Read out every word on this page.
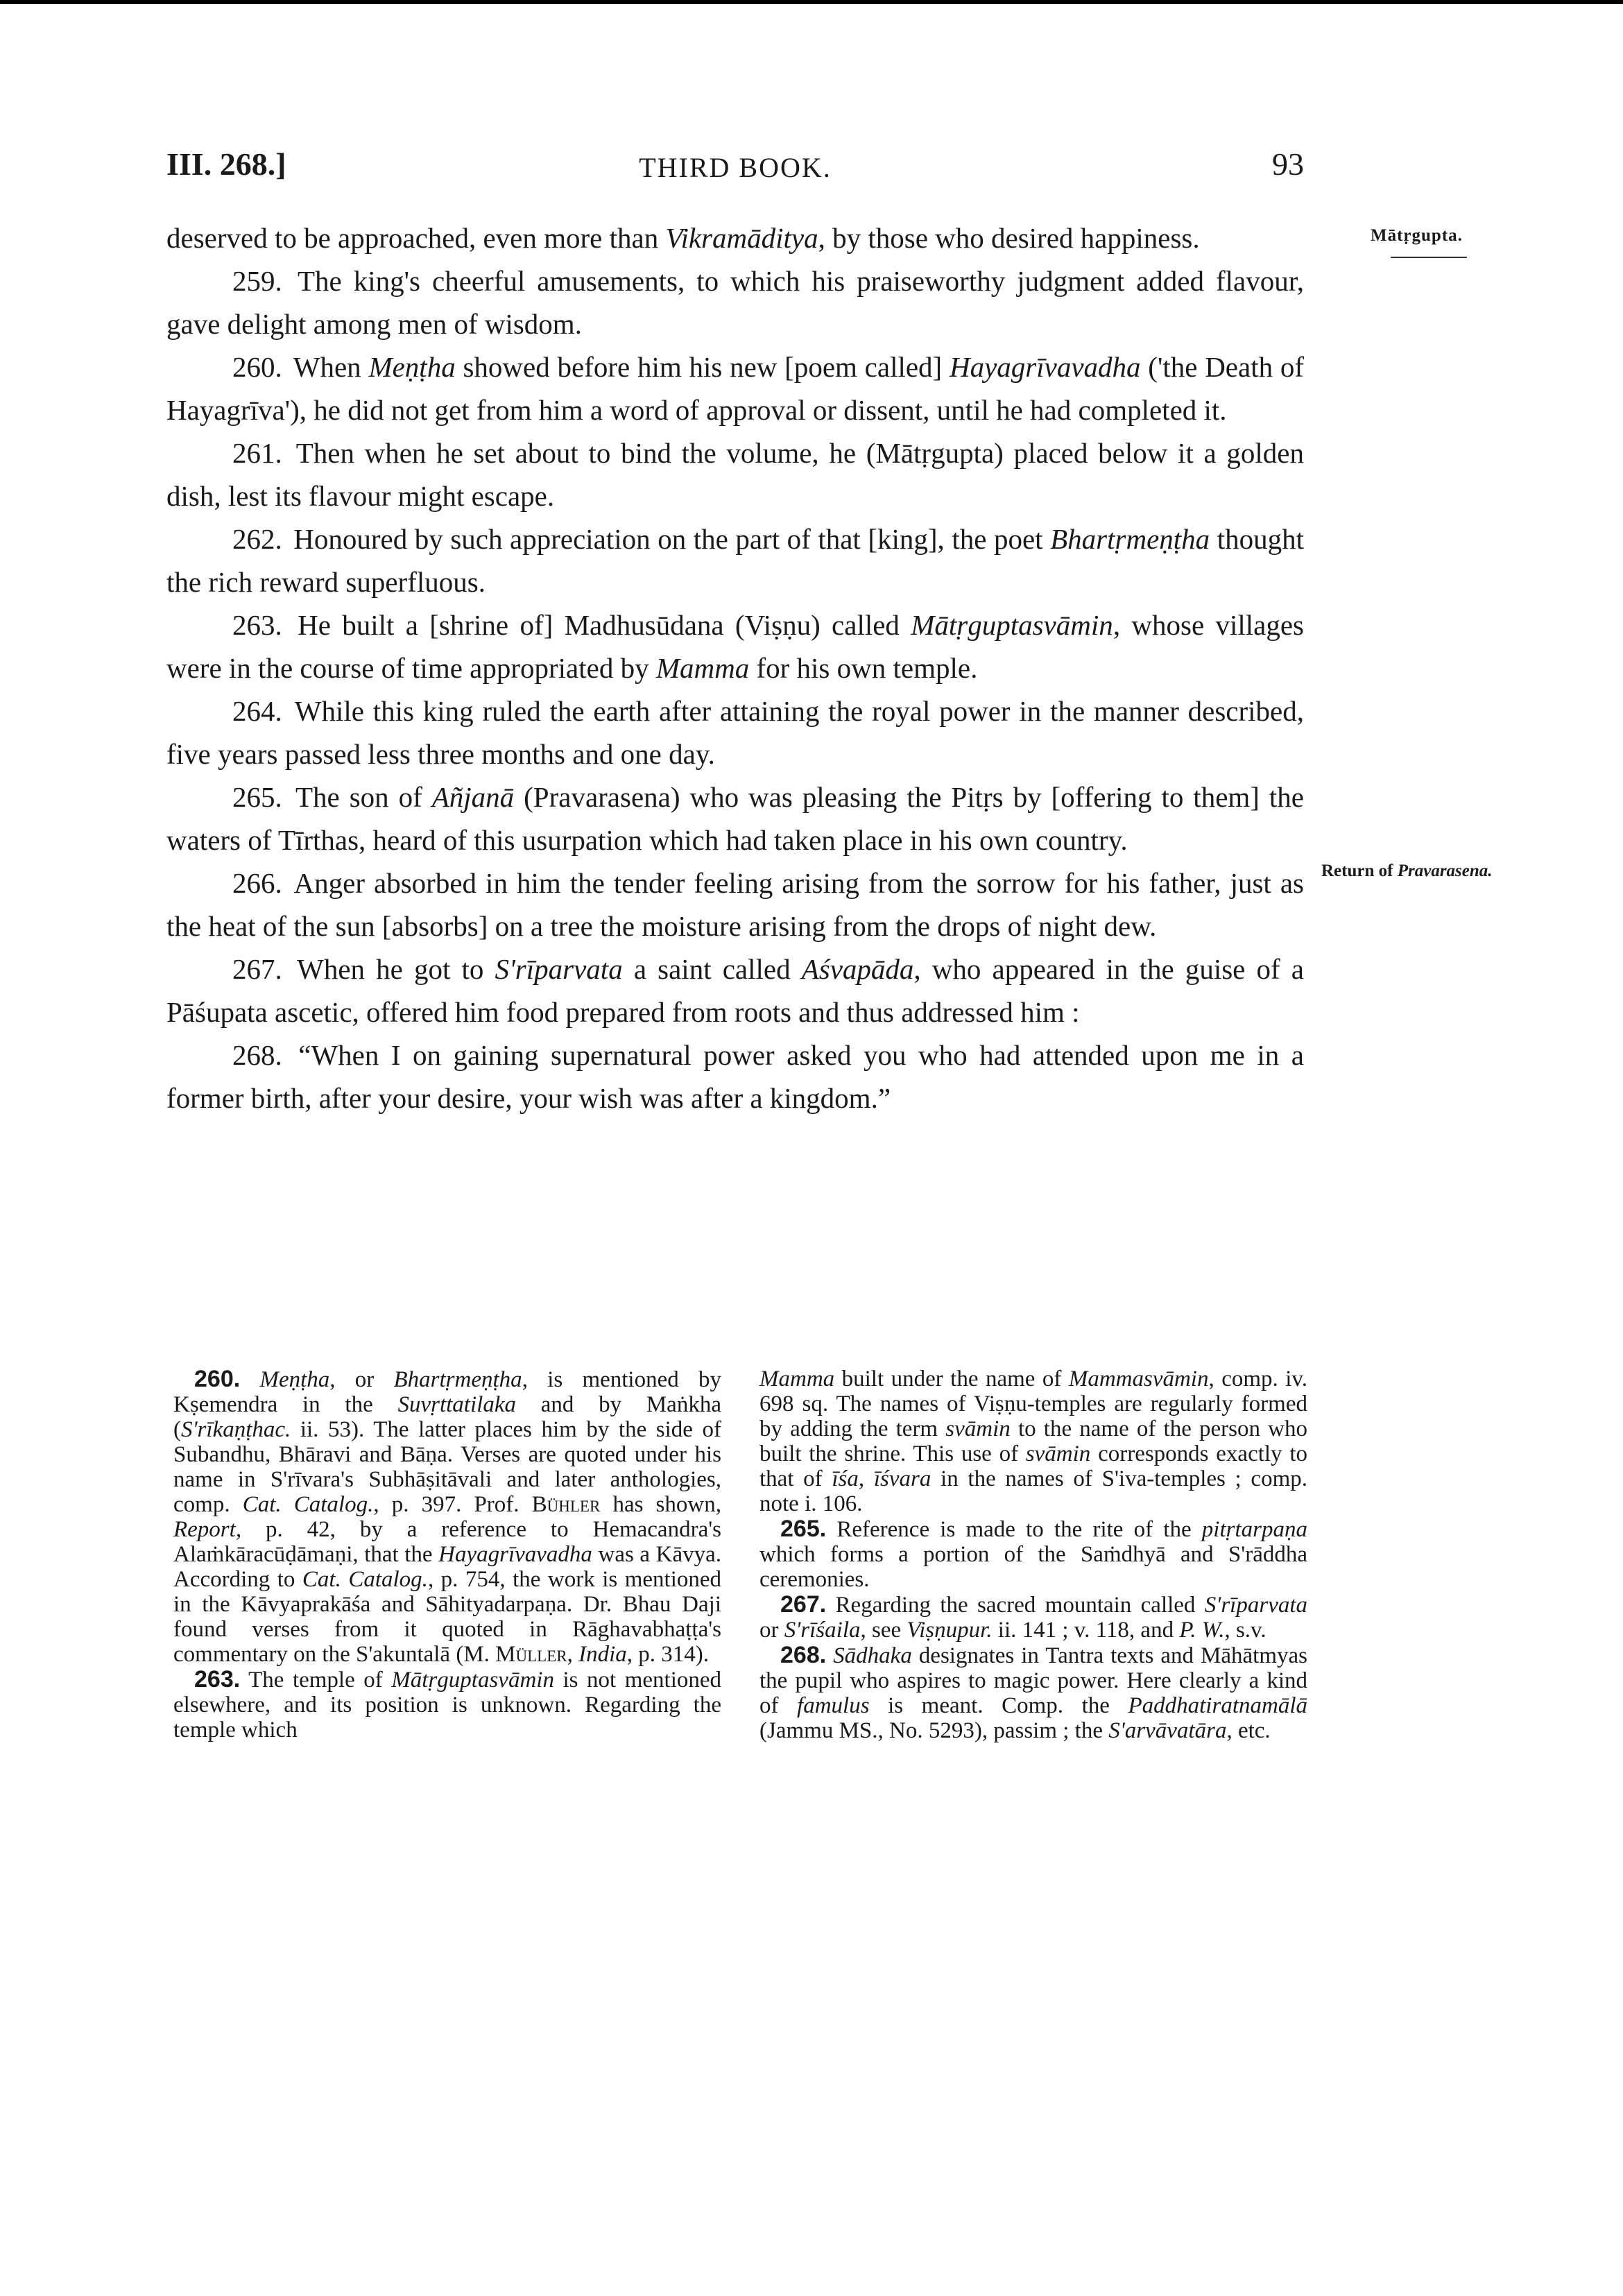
III. 268.]	THIRD BOOK.	93
Mātṛgupta.
Return of Pravarasena.

deserved to be approached, even more than Vikramāditya, by those who desired happiness.

259. The king's cheerful amusements, to which his praiseworthy judgment added flavour, gave delight among men of wisdom.

260. When Meṇṭha showed before him his new [poem called] Hayagrīvavadha ('the Death of Hayagrīva'), he did not get from him a word of approval or dissent, until he had completed it.

261. Then when he set about to bind the volume, he (Mātṛgupta) placed below it a golden dish, lest its flavour might escape.

262. Honoured by such appreciation on the part of that [king], the poet Bhartṛmeṇṭha thought the rich reward superfluous.

263. He built a [shrine of] Madhusūdana (Viṣṇu) called Mātṛguptasvāmin, whose villages were in the course of time appropriated by Mamma for his own temple.

264. While this king ruled the earth after attaining the royal power in the manner described, five years passed less three months and one day.

265. The son of Añjanā (Pravarasena) who was pleasing the Pitṛs by [offering to them] the waters of Tīrthas, heard of this usurpation which had taken place in his own country.

266. Anger absorbed in him the tender feeling arising from the sorrow for his father, just as the heat of the sun [absorbs] on a tree the moisture arising from the drops of night dew.

267. When he got to S'rīparvata a saint called Aśvapāda, who appeared in the guise of a Pāśupata ascetic, offered him food prepared from roots and thus addressed him :

268. “When I on gaining supernatural power asked you who had attended upon me in a former birth, after your desire, your wish was after a kingdom.”

260. Meṇṭha, or Bhartṛmeṇṭha, is mentioned by Kṣemendra in the Suvṛttatilaka and by Maṅkha (S'rīkaṇṭhac. ii. 53). The latter places him by the side of Subandhu, Bhāravi and Bāṇa. Verses are quoted under his name in S'rīvara's Subhāṣitāvali and later anthologies, comp. Cat. Catalog., p. 397. Prof. Bühler has shown, Report, p. 42, by a reference to Hemacandra's Alaṁkāracūḍāmaṇi, that the Hayagrīvavadha was a Kāvya. According to Cat. Catalog., p. 754, the work is mentioned in the Kāvyaprakāśa and Sāhityadarpaṇa. Dr. Bhau Daji found verses from it quoted in Rāghavabhaṭṭa's commentary on the S'akuntalā (M. Müller, India, p. 314).

263. The temple of Mātṛguptasvāmin is not mentioned elsewhere, and its position is unknown. Regarding the temple which

Mamma built under the name of Mammasvāmin, comp. iv. 698 sq. The names of Viṣṇu-temples are regularly formed by adding the term svāmin to the name of the person who built the shrine. This use of svāmin corresponds exactly to that of īśa, īśvara in the names of S'iva-temples ; comp. note i. 106.

265. Reference is made to the rite of the pitṛtarpaṇa which forms a portion of the Saṁdhyā and S'rāddha ceremonies.

267. Regarding the sacred mountain called S'rīparvata or S'rīśaila, see Viṣṇupur. ii. 141 ; v. 118, and P. W., s.v.

268. Sādhaka designates in Tantra texts and Māhātmyas the pupil who aspires to magic power. Here clearly a kind of famulus is meant. Comp. the Paddhatiratnamālā (Jammu MS., No. 5293), passim ; the S'arvāvatāra, etc.
